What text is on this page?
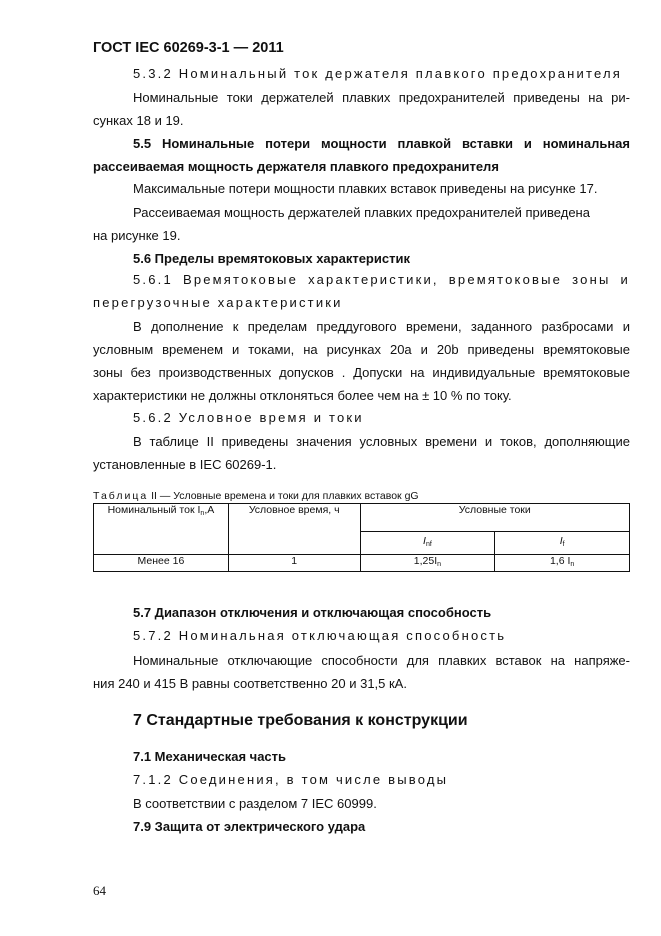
ГОСТ IEC 60269-3-1 — 2011
5.3.2 Номинальный ток держателя плавкого предохранителя
Номинальные токи держателей плавких предохранителей приведены на ри-
сунках 18 и 19.
5.5 Номинальные потери мощности плавкой вставки и номинальная
рассеиваемая мощность держателя плавкого предохранителя
Максимальные потери мощности плавких вставок приведены на рисунке 17.
Рассеиваемая мощность держателей плавких предохранителей приведена
на рисунке 19.
5.6 Пределы времятоковых характеристик
5.6.1 Времятоковые характеристики, времятоковые зоны и
перегрузочные характеристики
В дополнение к пределам преддугового времени, заданного разбросами и
условным временем и токами, на рисунках 20а и 20b приведены времятоковые
зоны без производственных допусков . Допуски на индивидуальные времятоковые
характеристики не должны отклоняться более чем на ± 10 % по току.
5.6.2 Условное время и токи
В таблице II приведены значения условных времени и токов, дополняющие
установленные в IEC 60269-1.
Таблица II — Условные времена и токи для плавких вставок gG
Номинальный ток $I_n,A$	Условное время, ч	Условные токи	
		$I_{nf}$	$I_f$
Менее 16	1	$1,25I_n$	1,6 $I_n$
5.7 Диапазон отключения и отключающая способность
5.7.2 Номинальная отключающая способность
Номинальные отключающие способности для плавких вставок на напряже-
ния 240 и 415 В равны соответственно 20 и 31,5 кА.
7 Стандартные требования к конструкции
7.1 Механическая часть
7.1.2 Соединения, в том числе выводы
В соответствии с разделом 7 IEC 60999.
7.9 Защита от электрического удара
64
